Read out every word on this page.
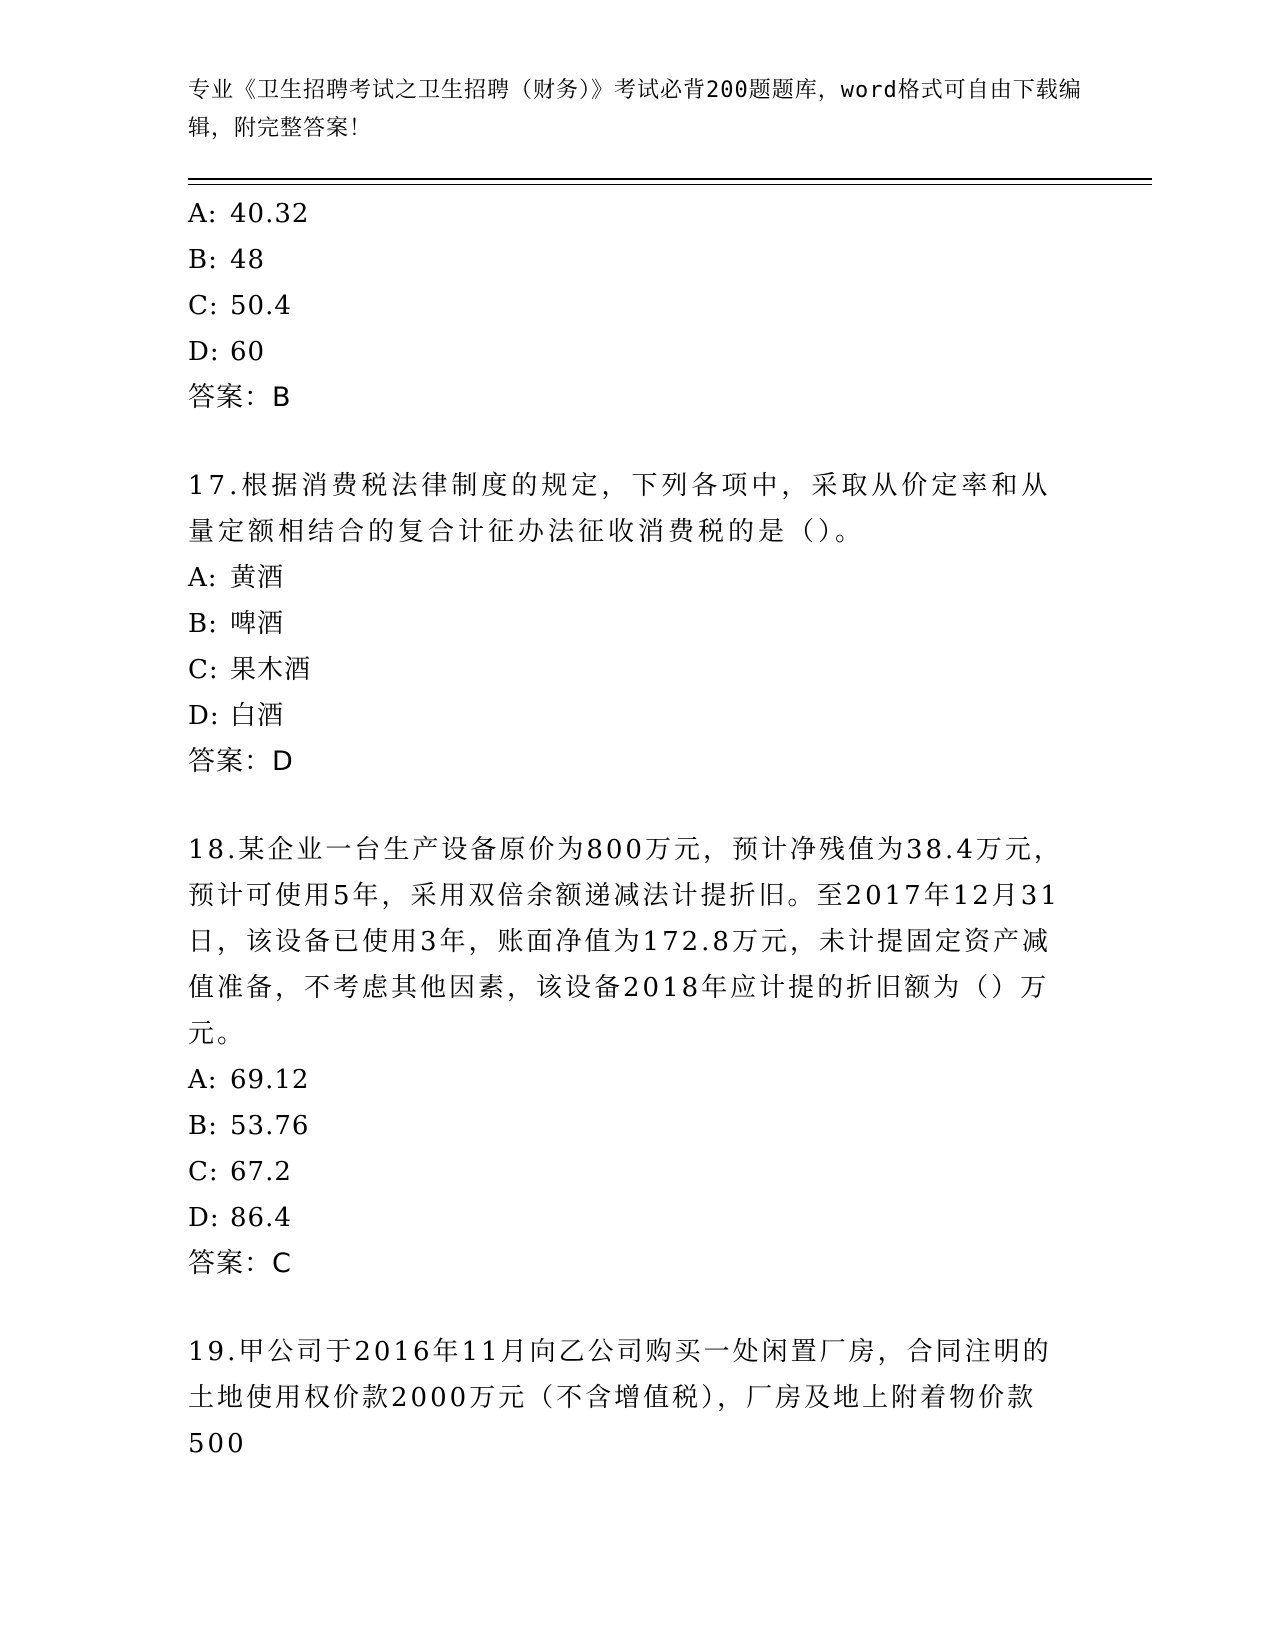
专业《卫生招聘考试之卫生招聘（财务）》考试必背200题题库，word格式可自由下载编辑，附完整答案！
A: 40.32
B: 48
C: 50.4
D: 60
答案：B
17.根据消费税法律制度的规定，下列各项中，采取从价定率和从量定额相结合的复合计征办法征收消费税的是（）。
A: 黄酒
B: 啤酒
C: 果木酒
D: 白酒
答案：D
18.某企业一台生产设备原价为800万元，预计净残值为38.4万元，预计可使用5年，采用双倍余额递减法计提折旧。至2017年12月31日，该设备已使用3年，账面净值为172.8万元，未计提固定资产减值准备，不考虑其他因素，该设备2018年应计提的折旧额为（）万元。
A: 69.12
B: 53.76
C: 67.2
D: 86.4
答案：C
19.甲公司于2016年11月向乙公司购买一处闲置厂房，合同注明的土地使用权价款2000万元（不含增值税），厂房及地上附着物价款500
